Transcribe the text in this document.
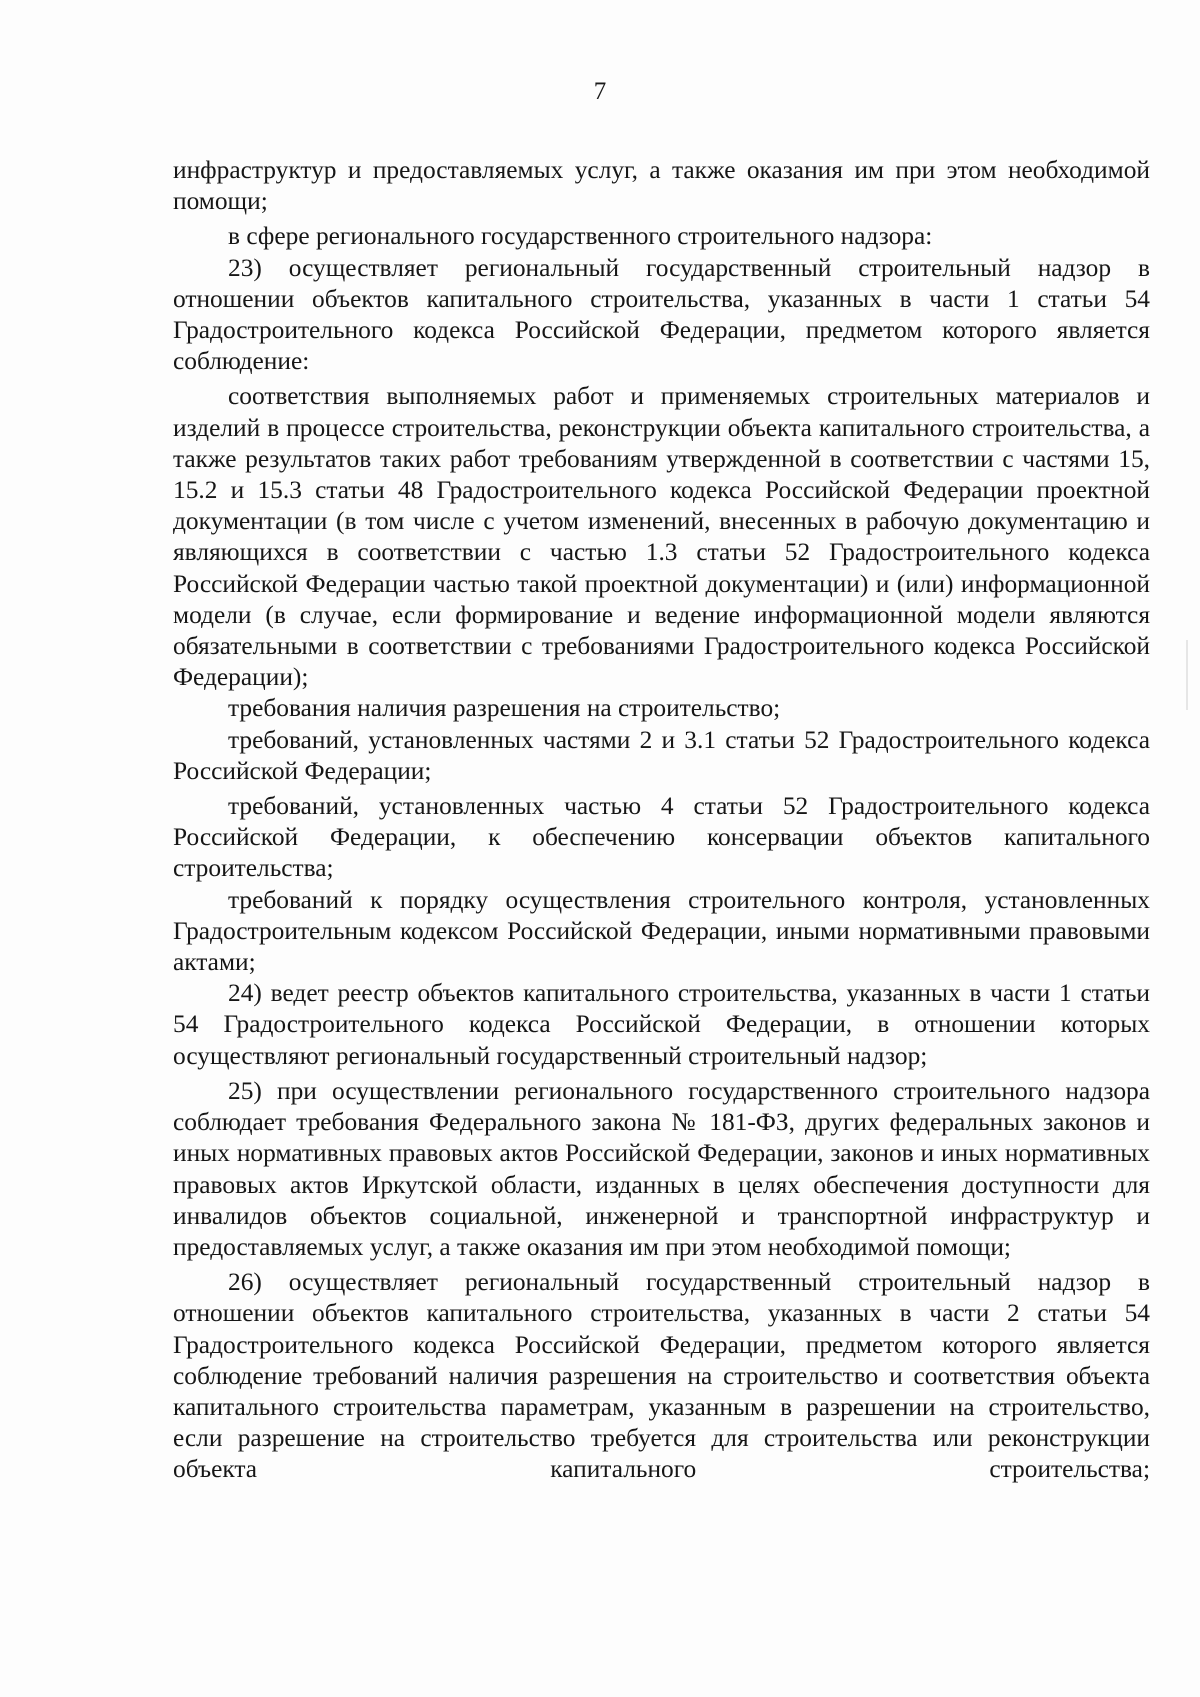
7

инфраструктур и предоставляемых услуг, а также оказания им при этом необходимой помощи;

в сфере регионального государственного строительного надзора:

23) осуществляет региональный государственный строительный надзор в отношении объектов капитального строительства, указанных в части 1 статьи 54 Градостроительного кодекса Российской Федерации, предметом которого является соблюдение:

соответствия выполняемых работ и применяемых строительных материалов и изделий в процессе строительства, реконструкции объекта капитального строительства, а также результатов таких работ требованиям утвержденной в соответствии с частями 15, 15.2 и 15.3 статьи 48 Градостроительного кодекса Российской Федерации проектной документации (в том числе с учетом изменений, внесенных в рабочую документацию и являющихся в соответствии с частью 1.3 статьи 52 Градостроительного кодекса Российской Федерации частью такой проектной документации) и (или) информационной модели (в случае, если формирование и ведение информационной модели являются обязательными в соответствии с требованиями Градостроительного кодекса Российской Федерации);

требования наличия разрешения на строительство;

требований, установленных частями 2 и 3.1 статьи 52 Градостроительного кодекса Российской Федерации;

требований, установленных частью 4 статьи 52 Градостроительного кодекса Российской Федерации, к обеспечению консервации объектов капитального строительства;

требований к порядку осуществления строительного контроля, установленных Градостроительным кодексом Российской Федерации, иными нормативными правовыми актами;

24) ведет реестр объектов капитального строительства, указанных в части 1 статьи 54 Градостроительного кодекса Российской Федерации, в отношении которых осуществляют региональный государственный строительный надзор;

25) при осуществлении регионального государственного строительного надзора соблюдает требования Федерального закона № 181-ФЗ, других федеральных законов и иных нормативных правовых актов Российской Федерации, законов и иных нормативных правовых актов Иркутской области, изданных в целях обеспечения доступности для инвалидов объектов социальной, инженерной и транспортной инфраструктур и предоставляемых услуг, а также оказания им при этом необходимой помощи;

26) осуществляет региональный государственный строительный надзор в отношении объектов капитального строительства, указанных в части 2 статьи 54 Градостроительного кодекса Российской Федерации, предметом которого является соблюдение требований наличия разрешения на строительство и соответствия объекта капитального строительства параметрам, указанным в разрешении на строительство, если разрешение на строительство требуется для строительства или реконструкции объекта капитального строительства;
